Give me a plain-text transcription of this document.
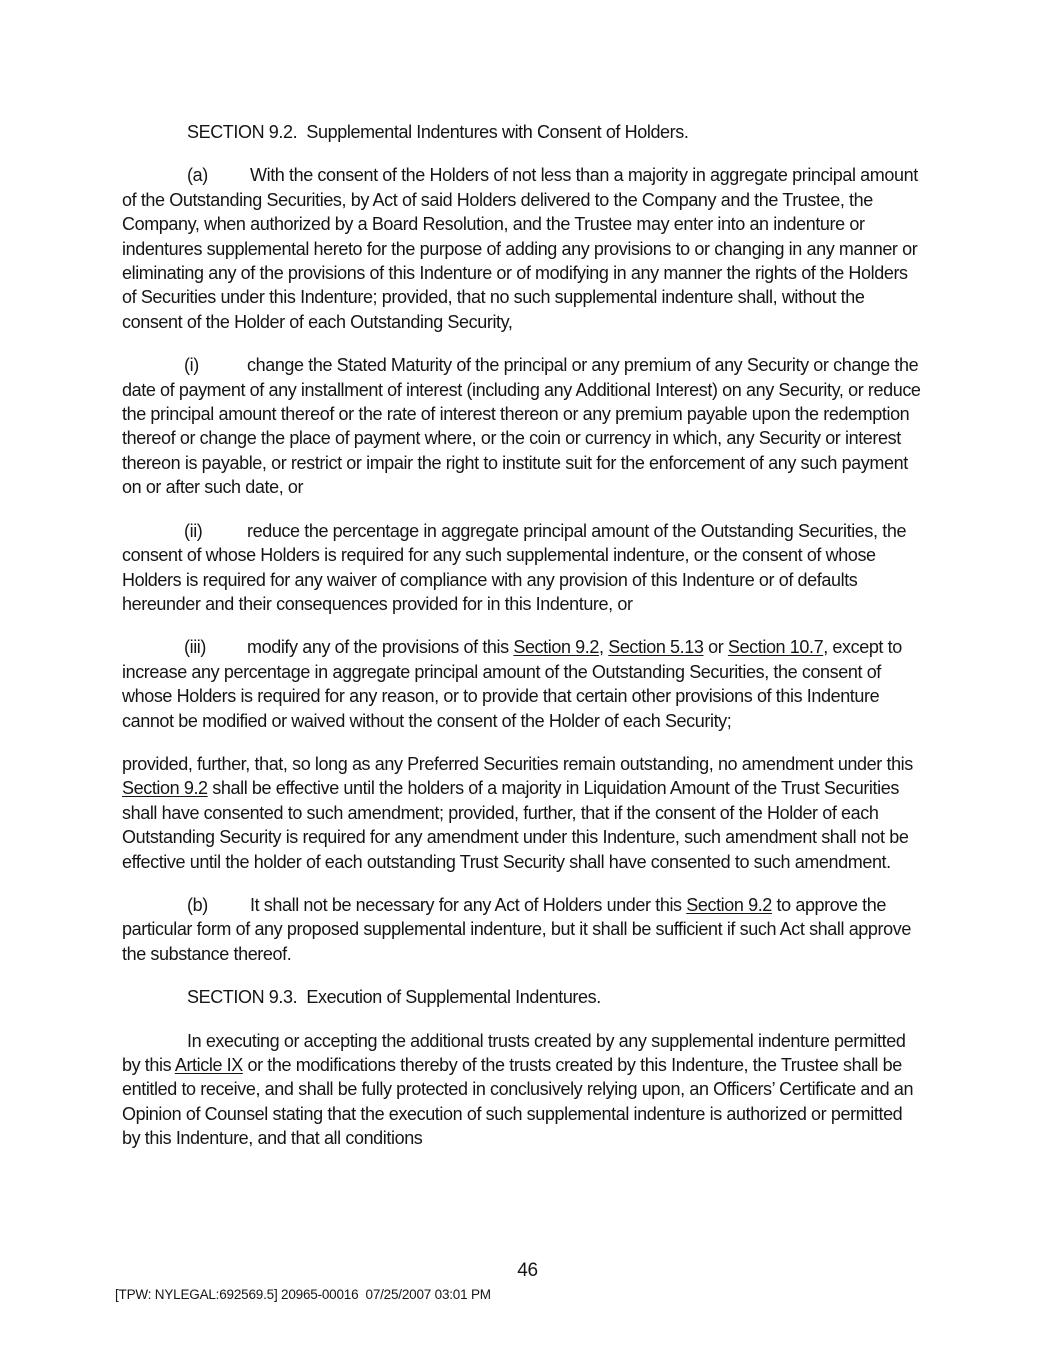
SECTION 9.2.  Supplemental Indentures with Consent of Holders.

(a) With the consent of the Holders of not less than a majority in aggregate principal amount of the Outstanding Securities, by Act of said Holders delivered to the Company and the Trustee, the Company, when authorized by a Board Resolution, and the Trustee may enter into an indenture or indentures supplemental hereto for the purpose of adding any provisions to or changing in any manner or eliminating any of the provisions of this Indenture or of modifying in any manner the rights of the Holders of Securities under this Indenture; provided, that no such supplemental indenture shall, without the consent of the Holder of each Outstanding Security,

(i)	change the Stated Maturity of the principal or any premium of any Security or change the date of payment of any installment of interest (including any Additional Interest) on any Security, or reduce the principal amount thereof or the rate of interest thereon or any premium payable upon the redemption thereof or change the place of payment where, or the coin or currency in which, any Security or interest thereon is payable, or restrict or impair the right to institute suit for the enforcement of any such payment on or after such date, or

(ii) reduce the percentage in aggregate principal amount of the Outstanding Securities, the consent of whose Holders is required for any such supplemental indenture, or the consent of whose Holders is required for any waiver of compliance with any provision of this Indenture or of defaults hereunder and their consequences provided for in this Indenture, or

(iii) modify any of the provisions of this Section 9.2, Section 5.13 or Section 10.7, except to increase any percentage in aggregate principal amount of the Outstanding Securities, the consent of whose Holders is required for any reason, or to provide that certain other provisions of this Indenture cannot be modified or waived without the consent of the Holder of each Security;

provided, further, that, so long as any Preferred Securities remain outstanding, no amendment under this Section 9.2 shall be effective until the holders of a majority in Liquidation Amount of the Trust Securities shall have consented to such amendment; provided, further, that if the consent of the Holder of each Outstanding Security is required for any amendment under this Indenture, such amendment shall not be effective until the holder of each outstanding Trust Security shall have consented to such amendment.

(b) It shall not be necessary for any Act of Holders under this Section 9.2 to approve the particular form of any proposed supplemental indenture, but it shall be sufficient if such Act shall approve the substance thereof.

SECTION 9.3.  Execution of Supplemental Indentures.

In executing or accepting the additional trusts created by any supplemental indenture permitted by this Article IX or the modifications thereby of the trusts created by this Indenture, the Trustee shall be entitled to receive, and shall be fully protected in conclusively relying upon, an Officers’ Certificate and an Opinion of Counsel stating that the execution of such supplemental indenture is authorized or permitted by this Indenture, and that all conditions

46
[TPW: NYLEGAL:692569.5] 20965-00016  07/25/2007 03:01 PM
